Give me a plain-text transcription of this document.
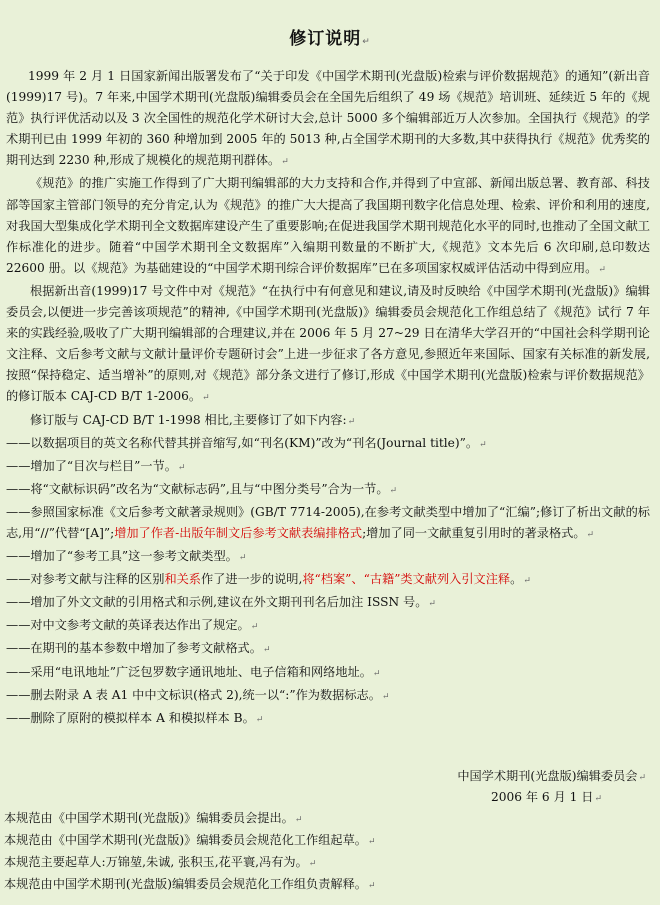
修订说明↵

1999 年 2 月 1 日国家新闻出版署发布了“关于印发《中国学术期刊(光盘版)检索与评价数据规范》的通知”(新出音(1999)17 号)。7 年来,中国学术期刊(光盘版)编辑委员会在全国先后组织了 49 场《规范》培训班、延续近 5 年的《规范》执行评优活动以及 3 次全国性的规范化学术研讨大会,总计 5000 多个编辑部近万人次参加。全国执行《规范》的学术期刊已由 1999 年初的 360 种增加到 2005 年的 5013 种,占全国学术期刊的大多数,其中获得执行《规范》优秀奖的期刊达到 2230 种,形成了规模化的规范期刊群体。↵

《规范》的推广实施工作得到了广大期刊编辑部的大力支持和合作,并得到了中宣部、新闻出版总署、教育部、科技部等国家主管部门领导的充分肯定,认为《规范》的推广大大提高了我国期刊数字化信息处理、检索、评价和利用的速度,对我国大型集成化学术期刊全文数据库建设产生了重要影响;在促进我国学术期刊规范化水平的同时,也推动了全国文献工作标准化的进步。随着“中国学术期刊全文数据库”入编期刊数量的不断扩大,《规范》文本先后 6 次印刷,总印数达 22600 册。以《规范》为基础建设的“中国学术期刊综合评价数据库”已在多项国家权威评估活动中得到应用。↵

根据新出音(1999)17 号文件中对《规范》“在执行中有何意见和建议,请及时反映给《中国学术期刊(光盘版)》编辑委员会,以便进一步完善该项规范”的精神,《中国学术期刊(光盘版)》编辑委员会规范化工作组总结了《规范》试行 7 年来的实践经验,吸收了广大期刊编辑部的合理建议,并在 2006 年 5 月 27~29 日在清华大学召开的“中国社会科学期刊论文注释、文后参考文献与文献计量评价专题研讨会”上进一步征求了各方意见,参照近年来国际、国家有关标准的新发展,按照“保持稳定、适当增补”的原则,对《规范》部分条文进行了修订,形成《中国学术期刊(光盘版)检索与评价数据规范》的修订版本 CAJ-CD B/T 1-2006。↵

修订版与 CAJ-CD B/T 1-1998 相比,主要修订了如下内容:↵

——以数据项目的英文名称代替其拼音缩写,如“刊名(KM)”改为“刊名(Journal title)”。↵

——增加了“目次与栏目”一节。↵

——将“文献标识码”改名为“文献标志码”,且与“中图分类号”合为一节。↵

——参照国家标准《文后参考文献著录规则》(GB/T 7714-2005),在参考文献类型中增加了“汇编”;修订了析出文献的标志,用“//”代替“[A]”;增加了作者-出版年制文后参考文献表编排格式;增加了同一文献重复引用时的著录格式。↵

——增加了“参考工具”这一参考文献类型。↵

——对参考文献与注释的区别和关系作了进一步的说明,将“档案”、“古籍”类文献列入引文注释。↵

——增加了外文文献的引用格式和示例,建议在外文期刊刊名后加注 ISSN 号。↵

——对中文参考文献的英译表达作出了规定。↵

——在期刊的基本参数中增加了参考文献格式。↵

——采用“电讯地址”广泛包罗数字通讯地址、电子信箱和网络地址。↵

——删去附录 A 表 A1 中中文标识(格式 2),统一以“:”作为数据标志。↵

——删除了原附的模拟样本 A 和模拟样本 B。↵

中国学术期刊(光盘版)编辑委员会↵
2006 年 6 月 1 日↵

本规范由《中国学术期刊(光盘版)》编辑委员会提出。↵

本规范由《中国学术期刊(光盘版)》编辑委员会规范化工作组起草。↵

本规范主要起草人:万锦堃,朱诚, 张积玉,花平寰,冯有为。↵

本规范由中国学术期刊(光盘版)编辑委员会规范化工作组负责解释。↵
